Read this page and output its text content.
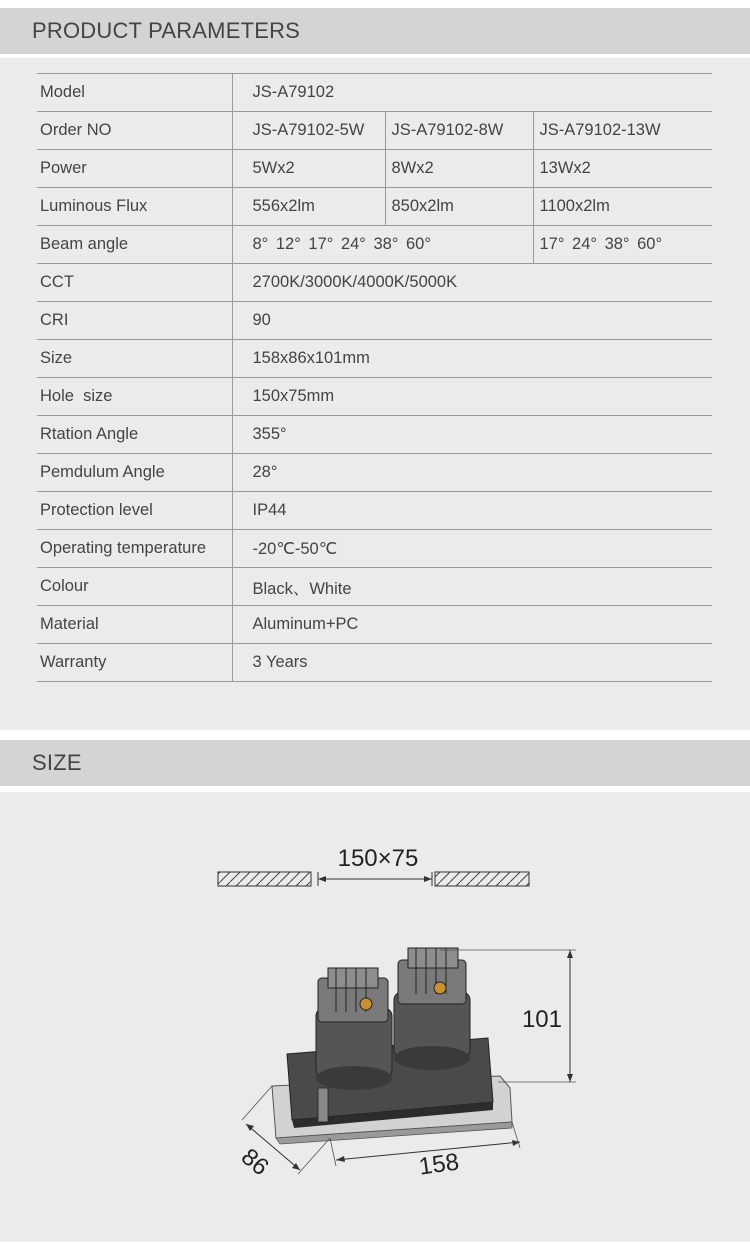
PRODUCT PARAMETERS
Model	JS-A79102		
Order NO	JS-A79102-5W	JS-A79102-8W	JS-A79102-13W
Power	5Wx2	8Wx2	13Wx2
Luminous Flux	556x2lm	850x2lm	1100x2lm
Beam angle	8° 12° 17° 24° 38° 60°		17° 24° 38° 60°
CCT	2700K/3000K/4000K/5000K		
CRI	90		
Size	158x86x101mm		
Hole  size	150x75mm		
Rtation Angle	355°		
Pemdulum Angle	28°		
Protection level	IP44		
Operating temperature	-20℃-50℃		
Colour	Black、White		
Material	Aluminum+PC		
Warranty	3 Years		
SIZE
150×75
101
86	158
